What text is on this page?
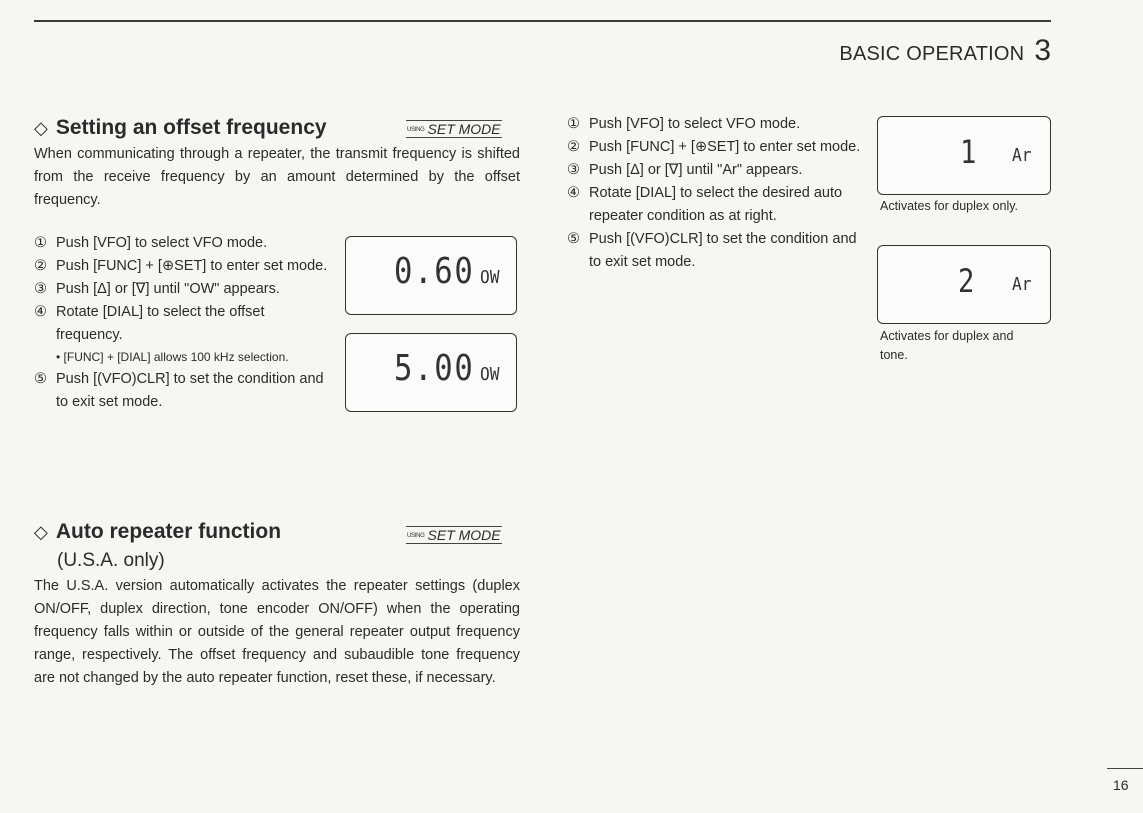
BASIC OPERATION 3
◇ Setting an offset frequency	USING SET MODE

When communicating through a repeater, the transmit frequency is shifted from the receive frequency by an amount determined by the offset frequency.

① Push [VFO] to select VFO mode.
② Push [FUNC] + [⊕SET] to enter set mode.
③ Push [Δ] or [∇] until "OW" appears.
④ Rotate [DIAL] to select the offset frequency.
• [FUNC] + [DIAL] allows 100 kHz selection.
⑤ Push [(VFO)CLR] to set the condition and to exit set mode.
0.60 OW
5.00 OW
◇ Auto repeater function
(U.S.A. only)
USING SET MODE

The U.S.A. version automatically activates the repeater settings (duplex ON/OFF, duplex direction, tone encoder ON/OFF) when the operating frequency falls within or outside of the general repeater output frequency range, respectively. The offset frequency and subaudible tone frequency are not changed by the auto repeater function, reset these, if necessary.

① Push [VFO] to select VFO mode.
② Push [FUNC] + [⊕SET] to enter set mode.
③ Push [Δ] or [∇] until "Ar" appears.
④ Rotate [DIAL] to select the desired auto repeater condition as at right.
⑤ Push [(VFO)CLR] to set the condition and to exit set mode.
1 Ar
Activates for duplex only.
2 Ar
Activates for duplex and tone.
16
